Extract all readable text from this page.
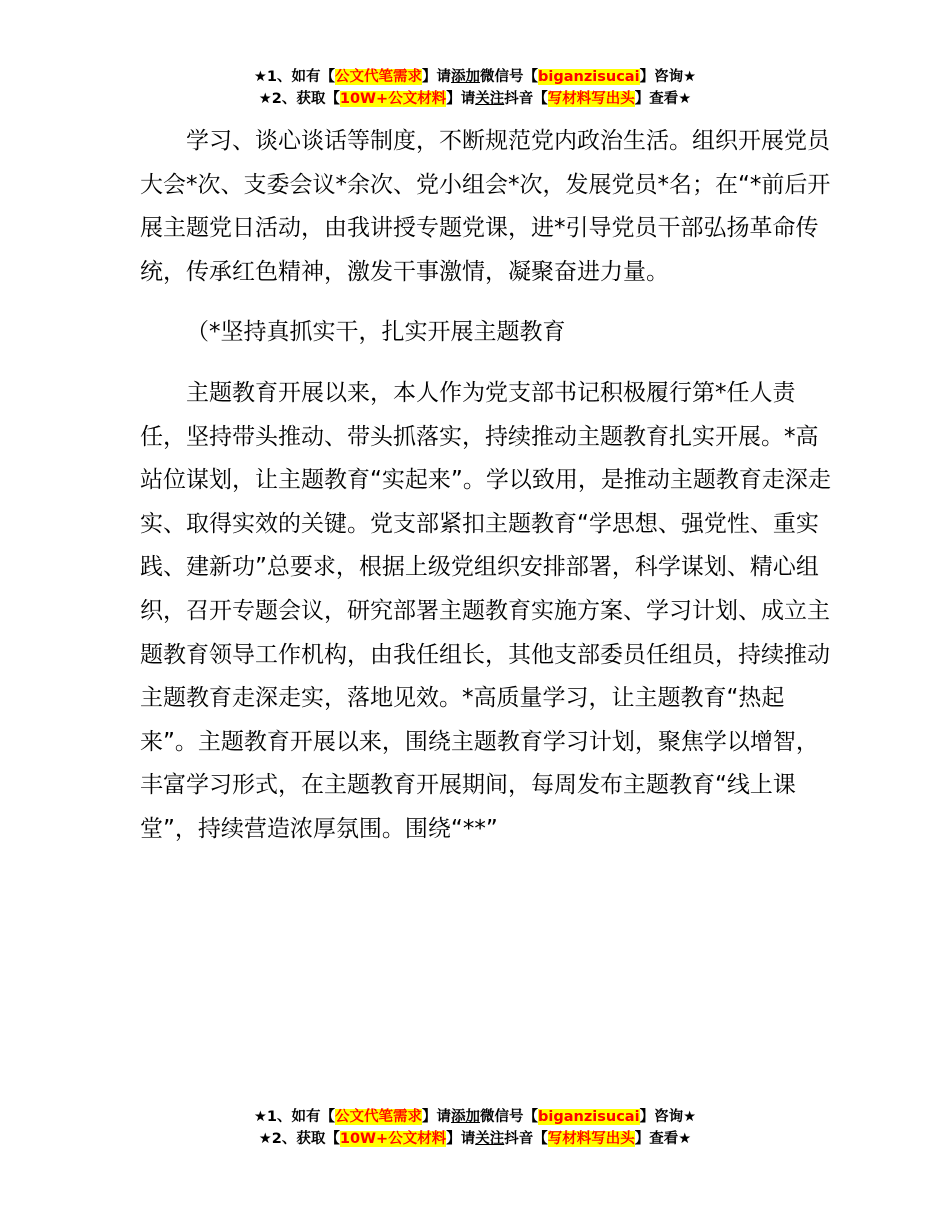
★1、如有【公文代笔需求】请添加微信号【biganzisucai】咨询★
★2、获取【10W+公文材料】请关注抖音【写材料写出头】查看★

学习、谈心谈话等制度，不断规范党内政治生活。组织开展党员大会*次、支委会议*余次、党小组会*次，发展党员*名；在“*前后开展主题党日活动，由我讲授专题党课，进*引导党员干部弘扬革命传统，传承红色精神，激发干事激情，凝聚奋进力量。

（*坚持真抓实干，扎实开展主题教育

主题教育开展以来，本人作为党支部书记积极履行第*任人责任，坚持带头推动、带头抓落实，持续推动主题教育扎实开展。*高站位谋划，让主题教育“实起来”。学以致用，是推动主题教育走深走实、取得实效的关键。党支部紧扣主题教育“学思想、强党性、重实践、建新功”总要求，根据上级党组织安排部署，科学谋划、精心组织，召开专题会议，研究部署主题教育实施方案、学习计划、成立主题教育领导工作机构，由我任组长，其他支部委员任组员，持续推动主题教育走深走实，落地见效。*高质量学习，让主题教育“热起来”。主题教育开展以来，围绕主题教育学习计划，聚焦学以增智，丰富学习形式，在主题教育开展期间，每周发布主题教育“线上课堂”，持续营造浓厚氛围。围绕“**”

★1、如有【公文代笔需求】请添加微信号【biganzisucai】咨询★
★2、获取【10W+公文材料】请关注抖音【写材料写出头】查看★
